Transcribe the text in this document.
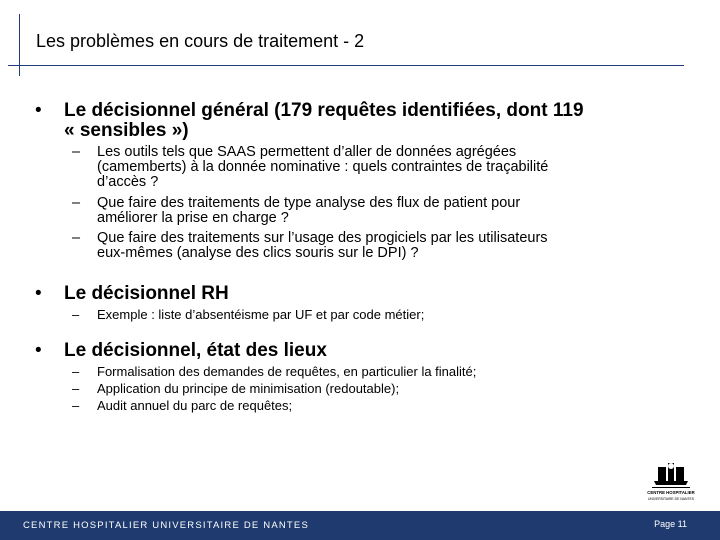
Les problèmes en cours de traitement - 2
• Le décisionnel général (179 requêtes identifiées, dont 119
« sensibles »)
– Les outils tels que SAAS permettent d’aller de données agrégées
(camemberts) à la donnée nominative : quels contraintes de traçabilité
d’accès ?
– Que faire des traitements de type analyse des flux de patient pour
améliorer la prise en charge ?
– Que faire des traitements sur l’usage des progiciels par les utilisateurs
eux-mêmes (analyse des clics souris sur le DPI) ?
• Le décisionnel RH
– Exemple : liste d’absentéisme par UF et par code métier;
• Le décisionnel, état des lieux
– Formalisation des demandes de requêtes, en particulier la finalité;
– Application du principe de minimisation (redoutable);
– Audit annuel du parc de requêtes;
CENTRE HOSPITALIER
UNIVERSITAIRE DE NANTES
CENTRE HOSPITALIER UNIVERSITAIRE DE NANTES	Page 11
